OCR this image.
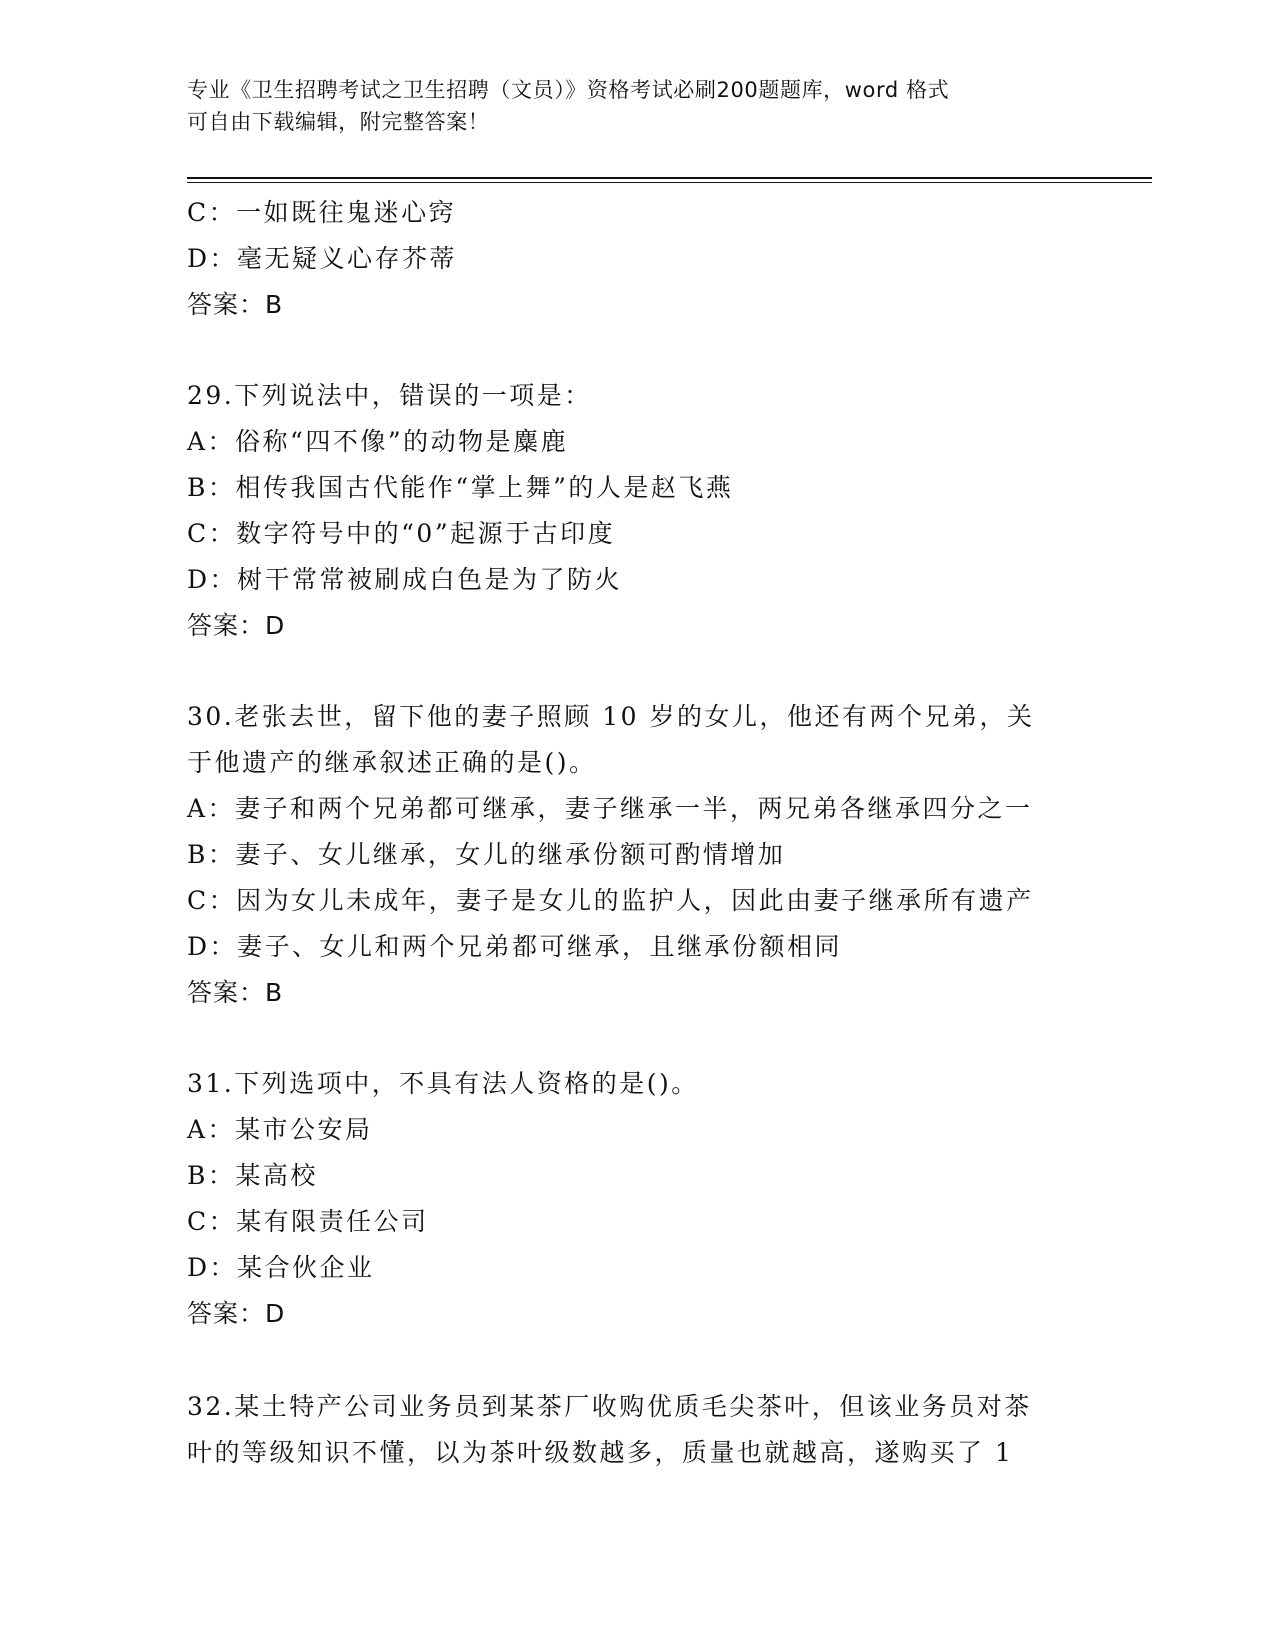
专业《卫生招聘考试之卫生招聘（文员）》资格考试必刷200题题库，word 格式
可自由下载编辑，附完整答案！
C：一如既往鬼迷心窍
D：毫无疑义心存芥蒂
答案：B
29.下列说法中，错误的一项是：
A：俗称“四不像”的动物是麋鹿
B：相传我国古代能作“掌上舞”的人是赵飞燕
C：数字符号中的“0”起源于古印度
D：树干常常被刷成白色是为了防火
答案：D
30.老张去世，留下他的妻子照顾 10 岁的女儿，他还有两个兄弟，关
于他遗产的继承叙述正确的是()。
A：妻子和两个兄弟都可继承，妻子继承一半，两兄弟各继承四分之一
B：妻子、女儿继承，女儿的继承份额可酌情增加
C：因为女儿未成年，妻子是女儿的监护人，因此由妻子继承所有遗产
D：妻子、女儿和两个兄弟都可继承，且继承份额相同
答案：B
31.下列选项中，不具有法人资格的是()。
A：某市公安局
B：某高校
C：某有限责任公司
D：某合伙企业
答案：D
32.某土特产公司业务员到某茶厂收购优质毛尖茶叶，但该业务员对茶
叶的等级知识不懂，以为茶叶级数越多，质量也就越高，遂购买了 1
